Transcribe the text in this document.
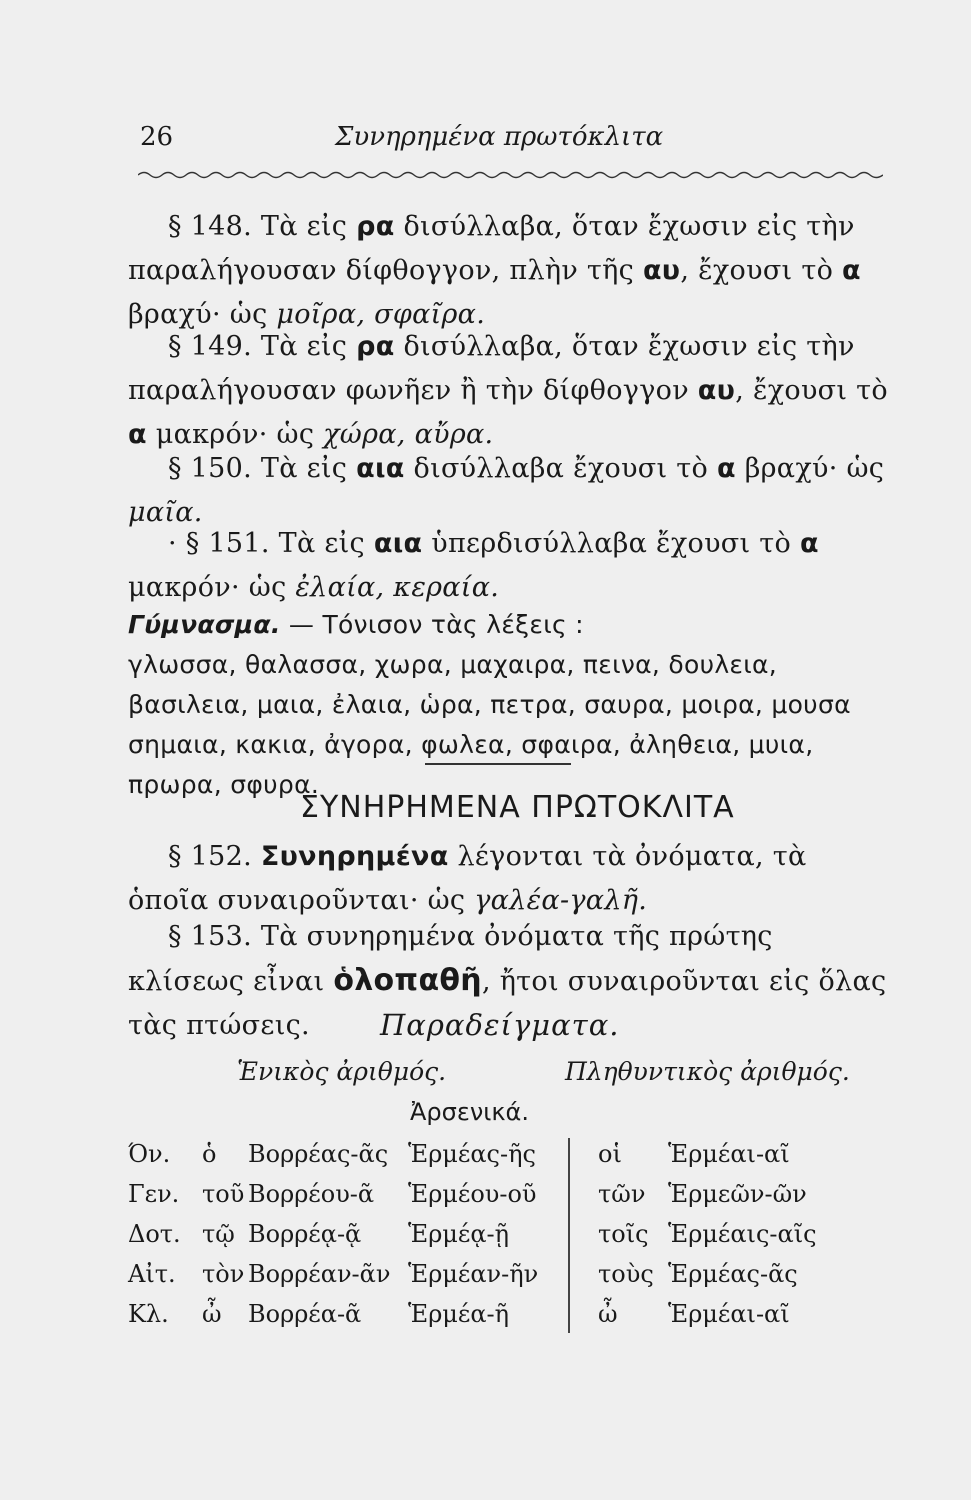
26	Συνηρημένα πρωτόκλιτα
§ 148. Τὰ εἰς ρα δισύλλαβα, ὅταν ἔχωσιν εἰς τὴν παραλήγουσαν δίφθογγον, πλὴν τῆς αυ, ἔχουσι τὸ α βραχύ· ὡς μοῖρα, σφαῖρα.
§ 149. Τὰ εἰς ρα δισύλλαβα, ὅταν ἔχωσιν εἰς τὴν παραλήγουσαν φωνῆεν ἢ τὴν δίφθογγον αυ, ἔχουσι τὸ α μακρόν· ὡς χώρα, αὔρα.
§ 150. Τὰ εἰς αια δισύλλαβα ἔχουσι τὸ α βραχύ· ὡς μαῖα.
· § 151. Τὰ εἰς αια ὑπερδισύλλαβα ἔχουσι τὸ α μακρόν· ὡς ἐλαία, κεραία.
Γύμνασμα. — Τόνισον τὰς λέξεις :
γλωσσα, θαλασσα, χωρα, μαχαιρα, πεινα, δουλεια, βασιλεια, μαια, ἐλαια, ὡρα, πετρα, σαυρα, μοιρα, μουσα σημαια, κακια, ἀγορα, φωλεα, σφαιρα, ἀληθεια, μυια, πρωρα, σφυρα.
ΣΥΝΗΡΗΜΕΝΑ ΠΡΩΤΟΚΛΙΤΑ
§ 152. Συνηρημένα λέγονται τὰ ὀνόματα, τὰ ὁποῖα συναιροῦνται· ὡς γαλέα-γαλῆ.
§ 153. Τὰ συνηρημένα ὀνόματα τῆς πρώτης κλίσεως εἶναι ὁλοπαθῆ, ἤτοι συναιροῦνται εἰς ὅλας τὰς πτώσεις.	Παραδείγματα.
Ἑνικὸς ἀριθμός.	Πληθυντικὸς ἀριθμός.
Ἀρσενικά.
Όν. ὁ Βορρέας-ᾶς Ἑρμέας-ῆς	οἱ Ἑρμέαι-αῖ
Γεν. τοῦ Βορρέου-ᾶ Ἑρμέου-οῦ	τῶν Ἑρμεῶν-ῶν
Δοτ. τῷ Βορρέᾳ-ᾷ Ἑρμέᾳ-ῇ	τοῖς Ἑρμέαις-αῖς
Αἰτ. τὸν Βορρέαν-ᾶν Ἑρμέαν-ῆν τοὺς Ἑρμέας-ᾶς
Κλ. ὦ Βορρέα-ᾶ Ἑρμέα-ῆ	ὦ Ἑρμέαι-αῖ
